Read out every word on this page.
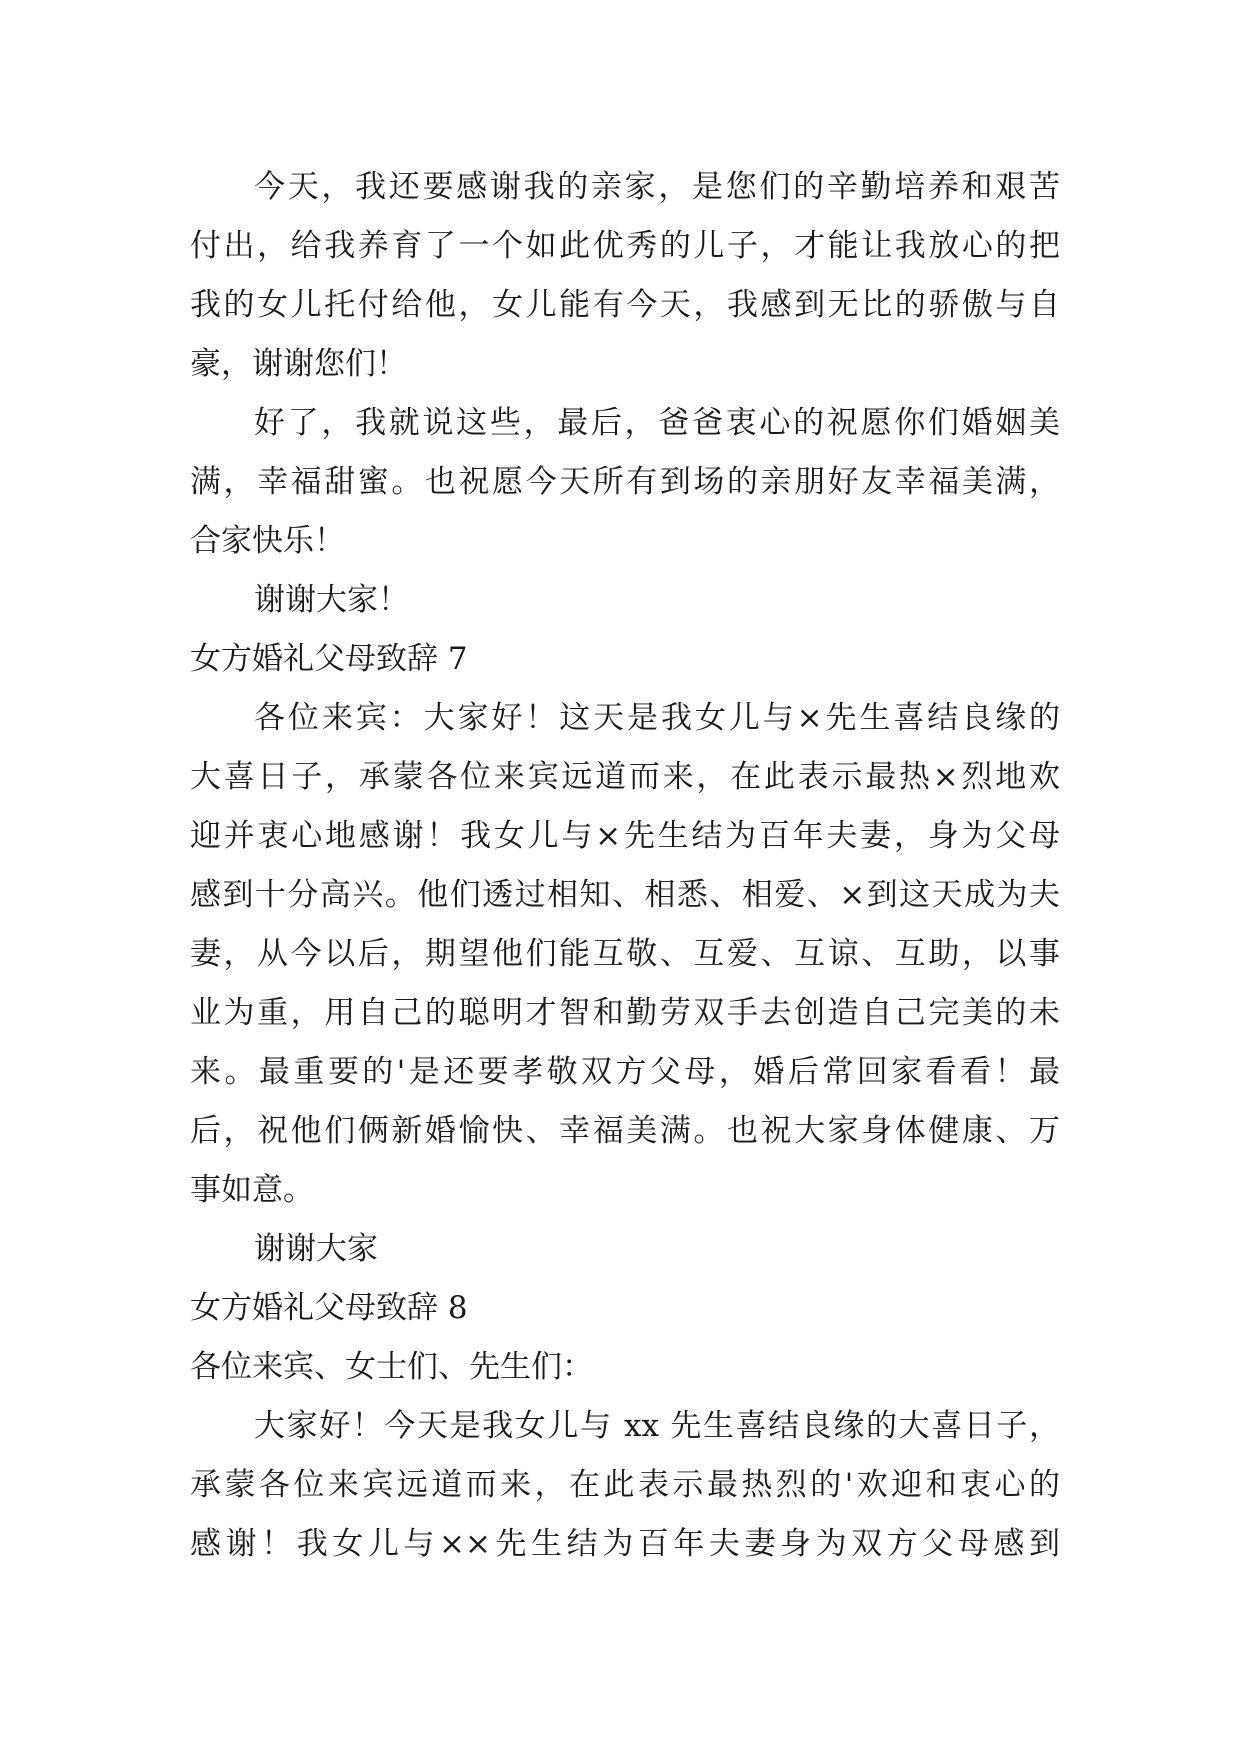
今天，我还要感谢我的亲家，是您们的辛勤培养和艰苦
付出，给我养育了一个如此优秀的儿子，才能让我放心的把
我的女儿托付给他，女儿能有今天，我感到无比的骄傲与自
豪，谢谢您们！
好了，我就说这些，最后，爸爸衷心的祝愿你们婚姻美
满，幸福甜蜜。也祝愿今天所有到场的亲朋好友幸福美满，
合家快乐！
谢谢大家！
女方婚礼父母致辞 7
各位来宾：大家好！这天是我女儿与×先生喜结良缘的
大喜日子，承蒙各位来宾远道而来，在此表示最热×烈地欢
迎并衷心地感谢！我女儿与×先生结为百年夫妻，身为父母
感到十分高兴。他们透过相知、相悉、相爱、×到这天成为夫
妻，从今以后，期望他们能互敬、互爱、互谅、互助，以事
业为重，用自己的聪明才智和勤劳双手去创造自己完美的未
来。最重要的'是还要孝敬双方父母，婚后常回家看看！最
后，祝他们俩新婚愉快、幸福美满。也祝大家身体健康、万
事如意。
谢谢大家
女方婚礼父母致辞 8
各位来宾、女士们、先生们：
大家好！今天是我女儿与 xx 先生喜结良缘的大喜日子，
承蒙各位来宾远道而来，在此表示最热烈的'欢迎和衷心的
感谢！我女儿与××先生结为百年夫妻身为双方父母感到
